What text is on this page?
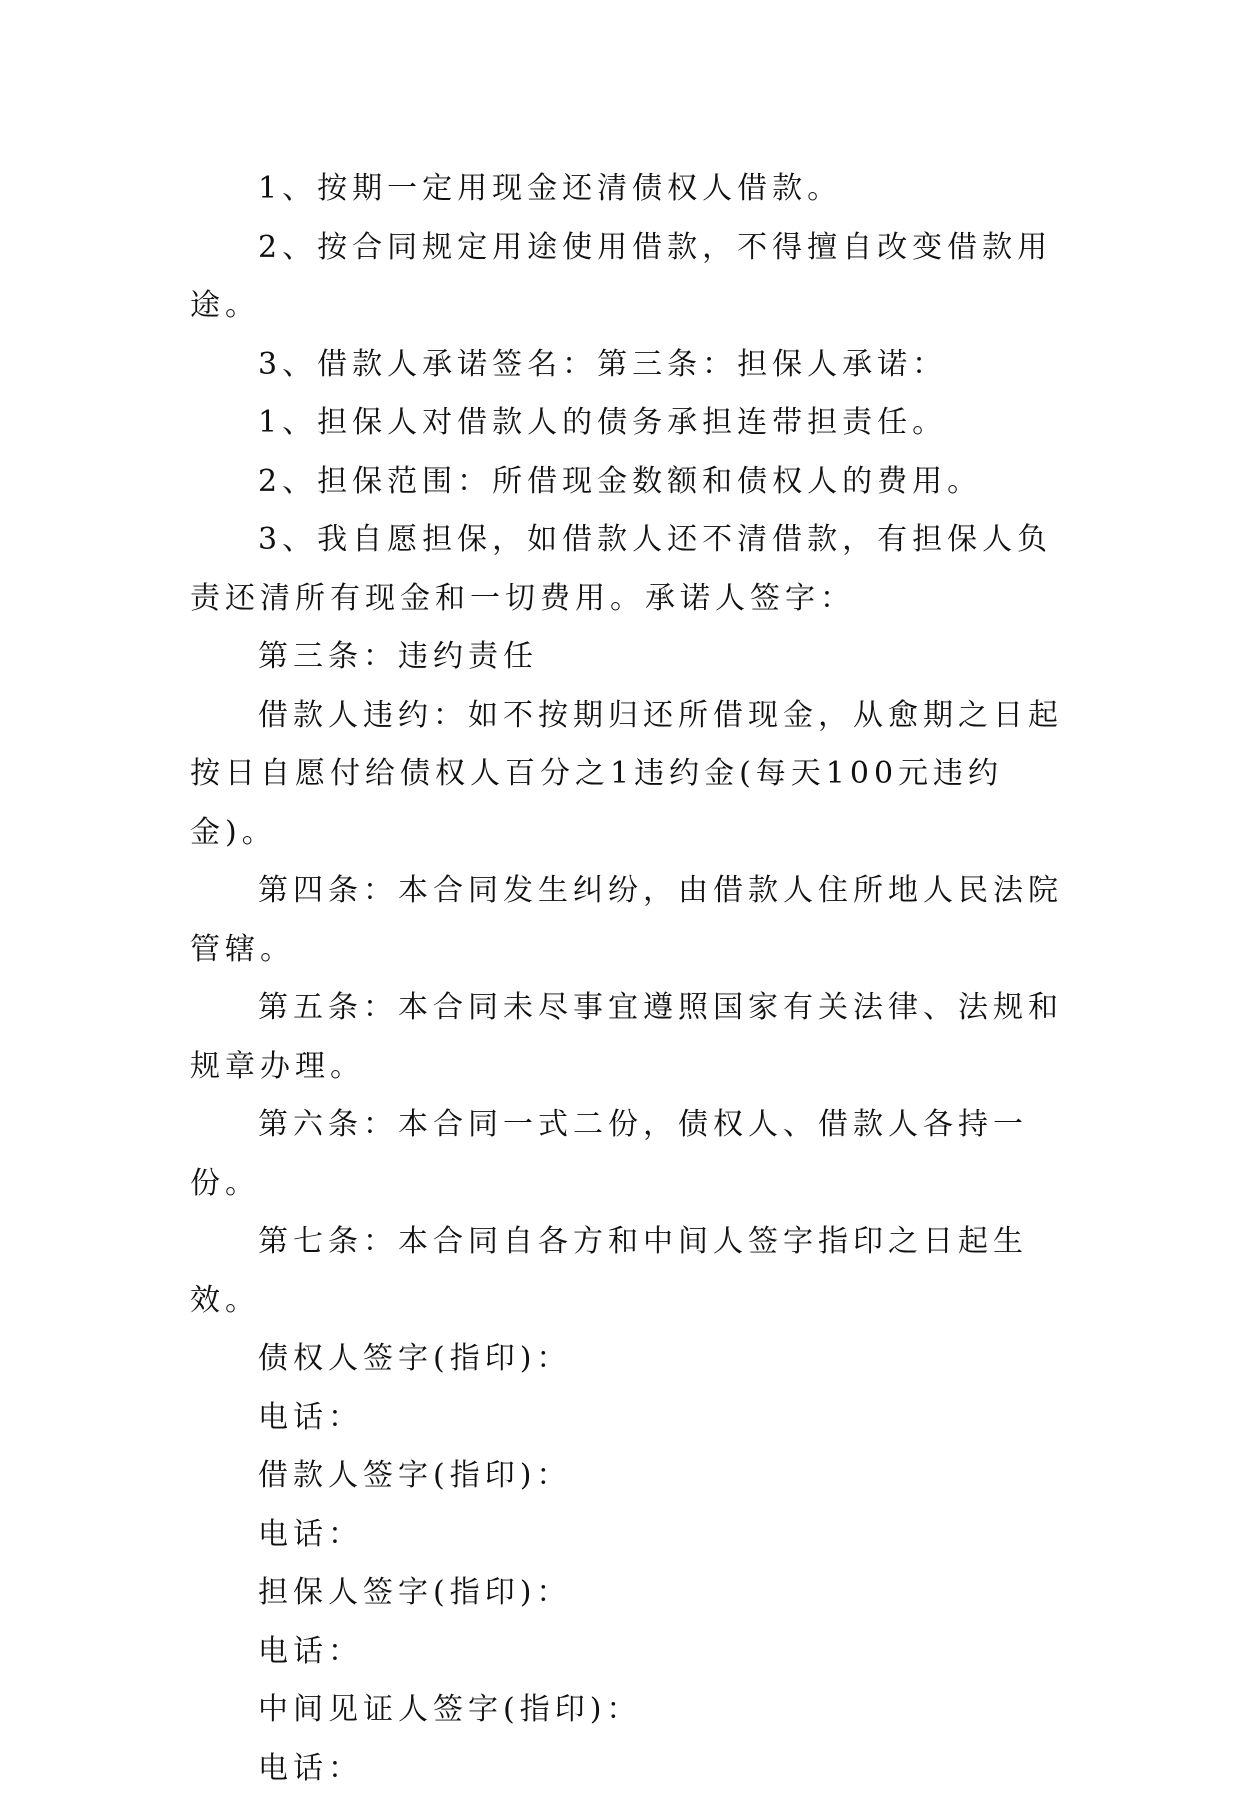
1、按期一定用现金还清债权人借款。

2、按合同规定用途使用借款，不得擅自改变借款用途。

3、借款人承诺签名：第三条：担保人承诺：

1、担保人对借款人的债务承担连带担责任。

2、担保范围：所借现金数额和债权人的费用。

3、我自愿担保，如借款人还不清借款，有担保人负责还清所有现金和一切费用。承诺人签字：

第三条：违约责任

借款人违约：如不按期归还所借现金，从愈期之日起按日自愿付给债权人百分之1违约金(每天100元违约金)。

第四条：本合同发生纠纷，由借款人住所地人民法院管辖。

第五条：本合同未尽事宜遵照国家有关法律、法规和规章办理。

第六条：本合同一式二份，债权人、借款人各持一份。

第七条：本合同自各方和中间人签字指印之日起生效。

债权人签字(指印)：

电话：

借款人签字(指印)：

电话：

担保人签字(指印)：

电话：

中间见证人签字(指印)：

电话：
